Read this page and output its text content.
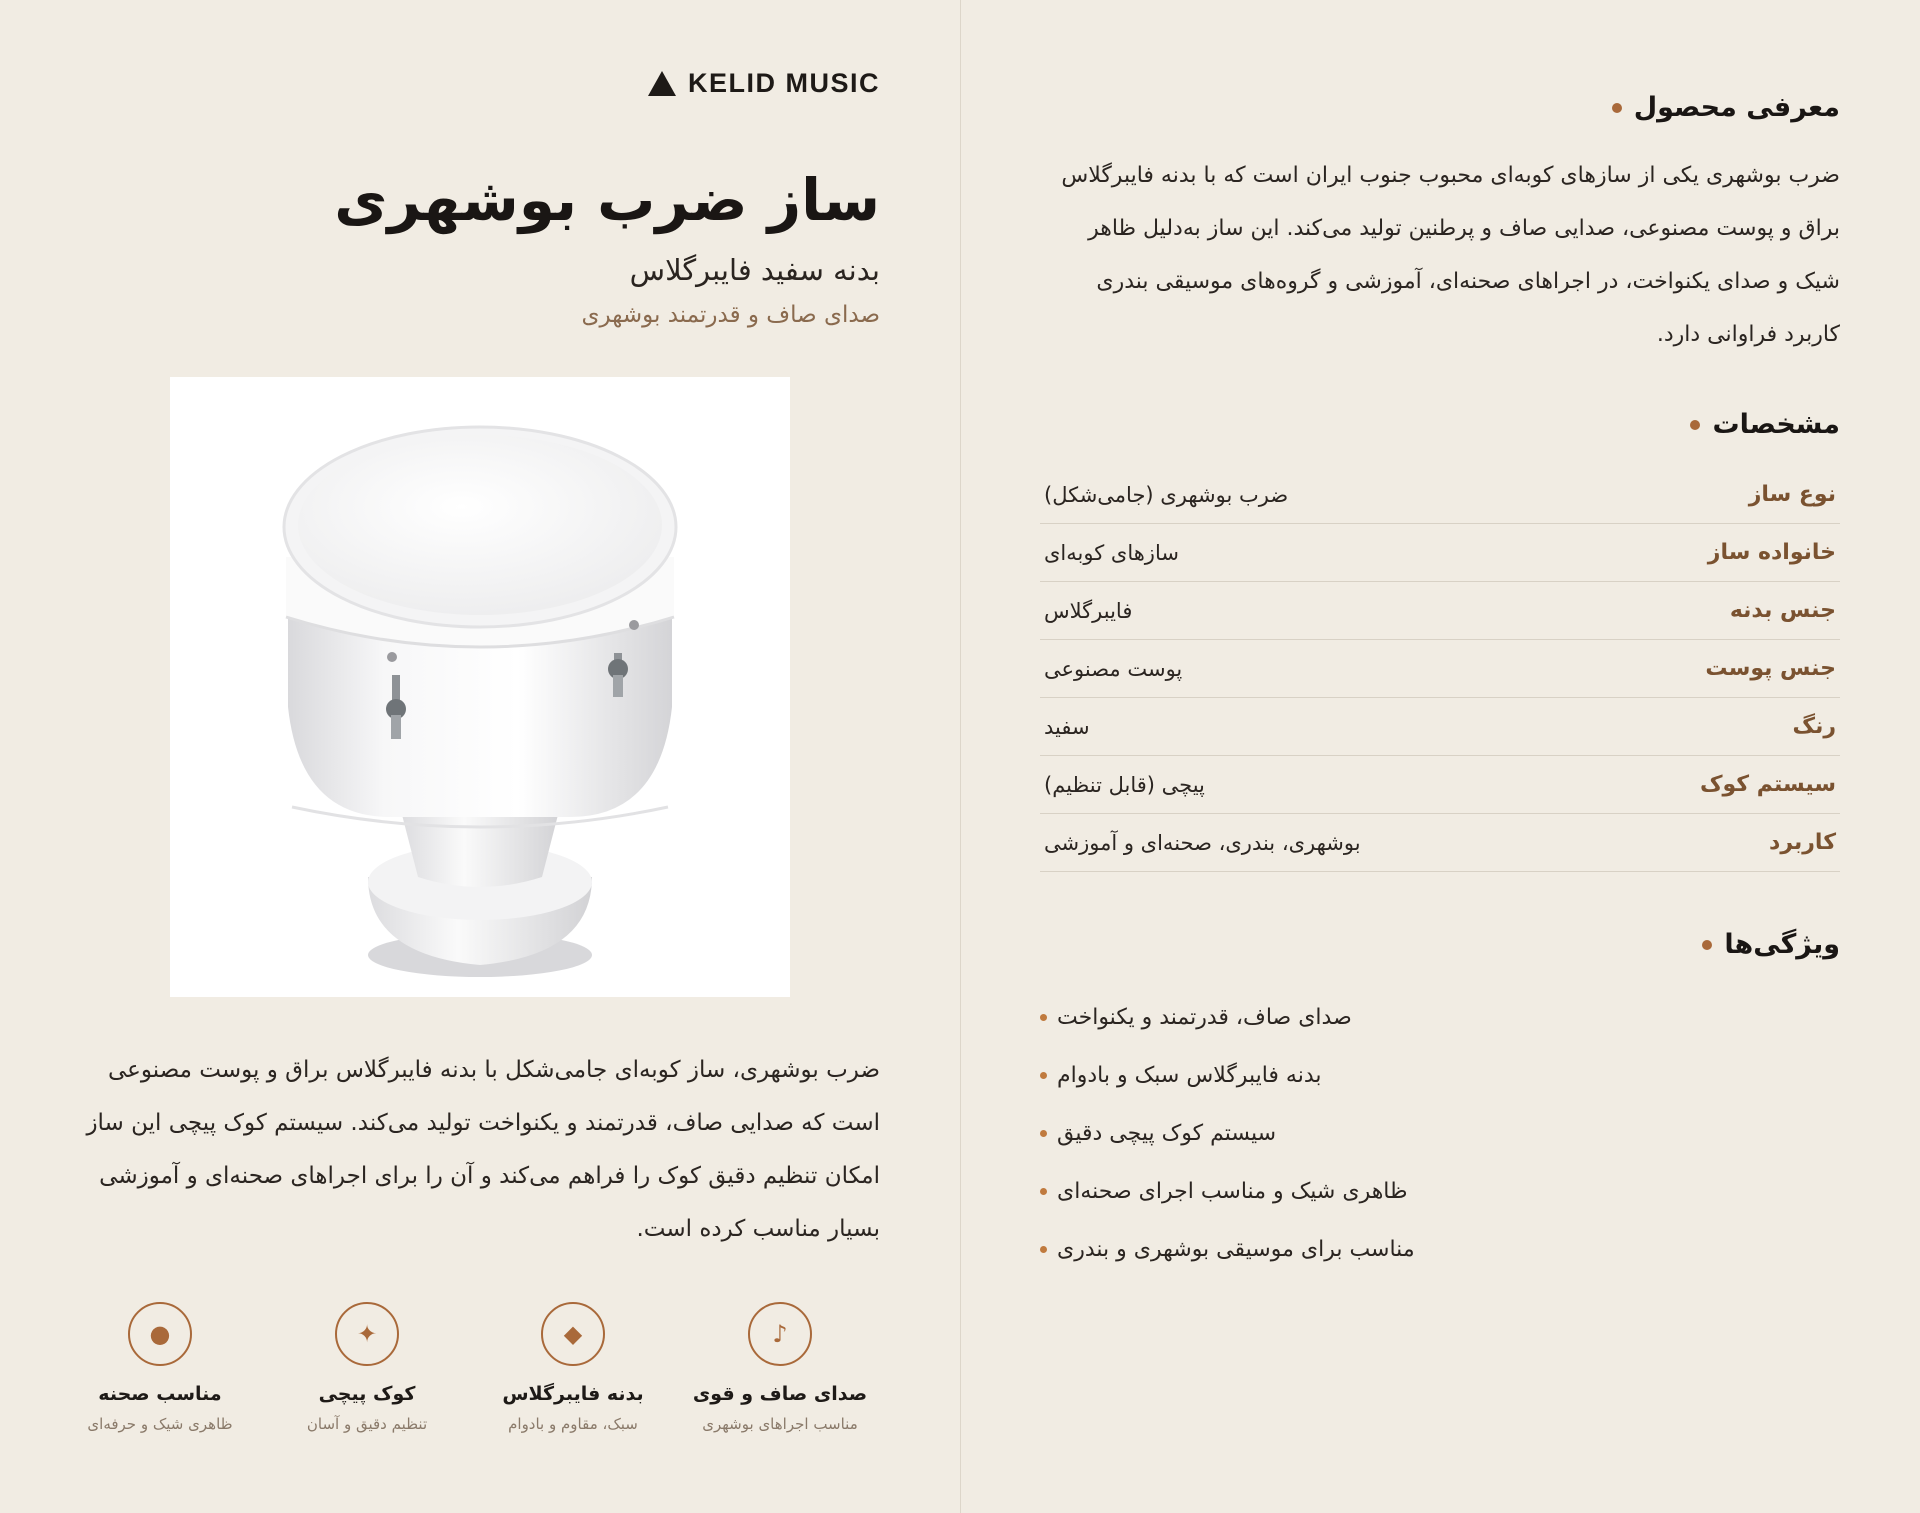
KELID MUSIC
ساز ضرب بوشهری
بدنه سفید فایبرگلاس
صدای صاف و قدرتمند بوشهری

ضرب بوشهری، ساز کوبه‌ای جامی‌شکل با بدنه فایبرگلاس براق و پوست مصنوعی است که صدایی صاف، قدرتمند و یکنواخت تولید می‌کند. سیستم کوک پیچی این ساز امکان تنظیم دقیق کوک را فراهم می‌کند و آن را برای اجراهای صحنه‌ای و آموزشی بسیار مناسب کرده است.

♪
صدای صاف و قوی
مناسب اجراهای بوشهری
◆
بدنه فایبرگلاس
سبک، مقاوم و بادوام
✦
کوک پیچی
تنظیم دقیق و آسان
●
مناسب صحنه
ظاهری شیک و حرفه‌ای
معرفی محصول

ضرب بوشهری یکی از سازهای کوبه‌ای محبوب جنوب ایران است که با بدنه فایبرگلاس براق و پوست مصنوعی، صدایی صاف و پرطنین تولید می‌کند. این ساز به‌دلیل ظاهر شیک و صدای یکنواخت، در اجراهای صحنه‌ای، آموزشی و گروه‌های موسیقی بندری کاربرد فراوانی دارد.

مشخصات
نوع ساز
ضرب بوشهری (جامی‌شکل)
خانواده ساز
سازهای کوبه‌ای
جنس بدنه
فایبرگلاس
جنس پوست
پوست مصنوعی
رنگ
سفید
سیستم کوک
پیچی (قابل تنظیم)
کاربرد
بوشهری، بندری، صحنه‌ای و آموزشی
ویژگی‌ها
صدای صاف، قدرتمند و یکنواخت
بدنه فایبرگلاس سبک و بادوام
سیستم کوک پیچی دقیق
ظاهری شیک و مناسب اجرای صحنه‌ای
مناسب برای موسیقی بوشهری و بندری
